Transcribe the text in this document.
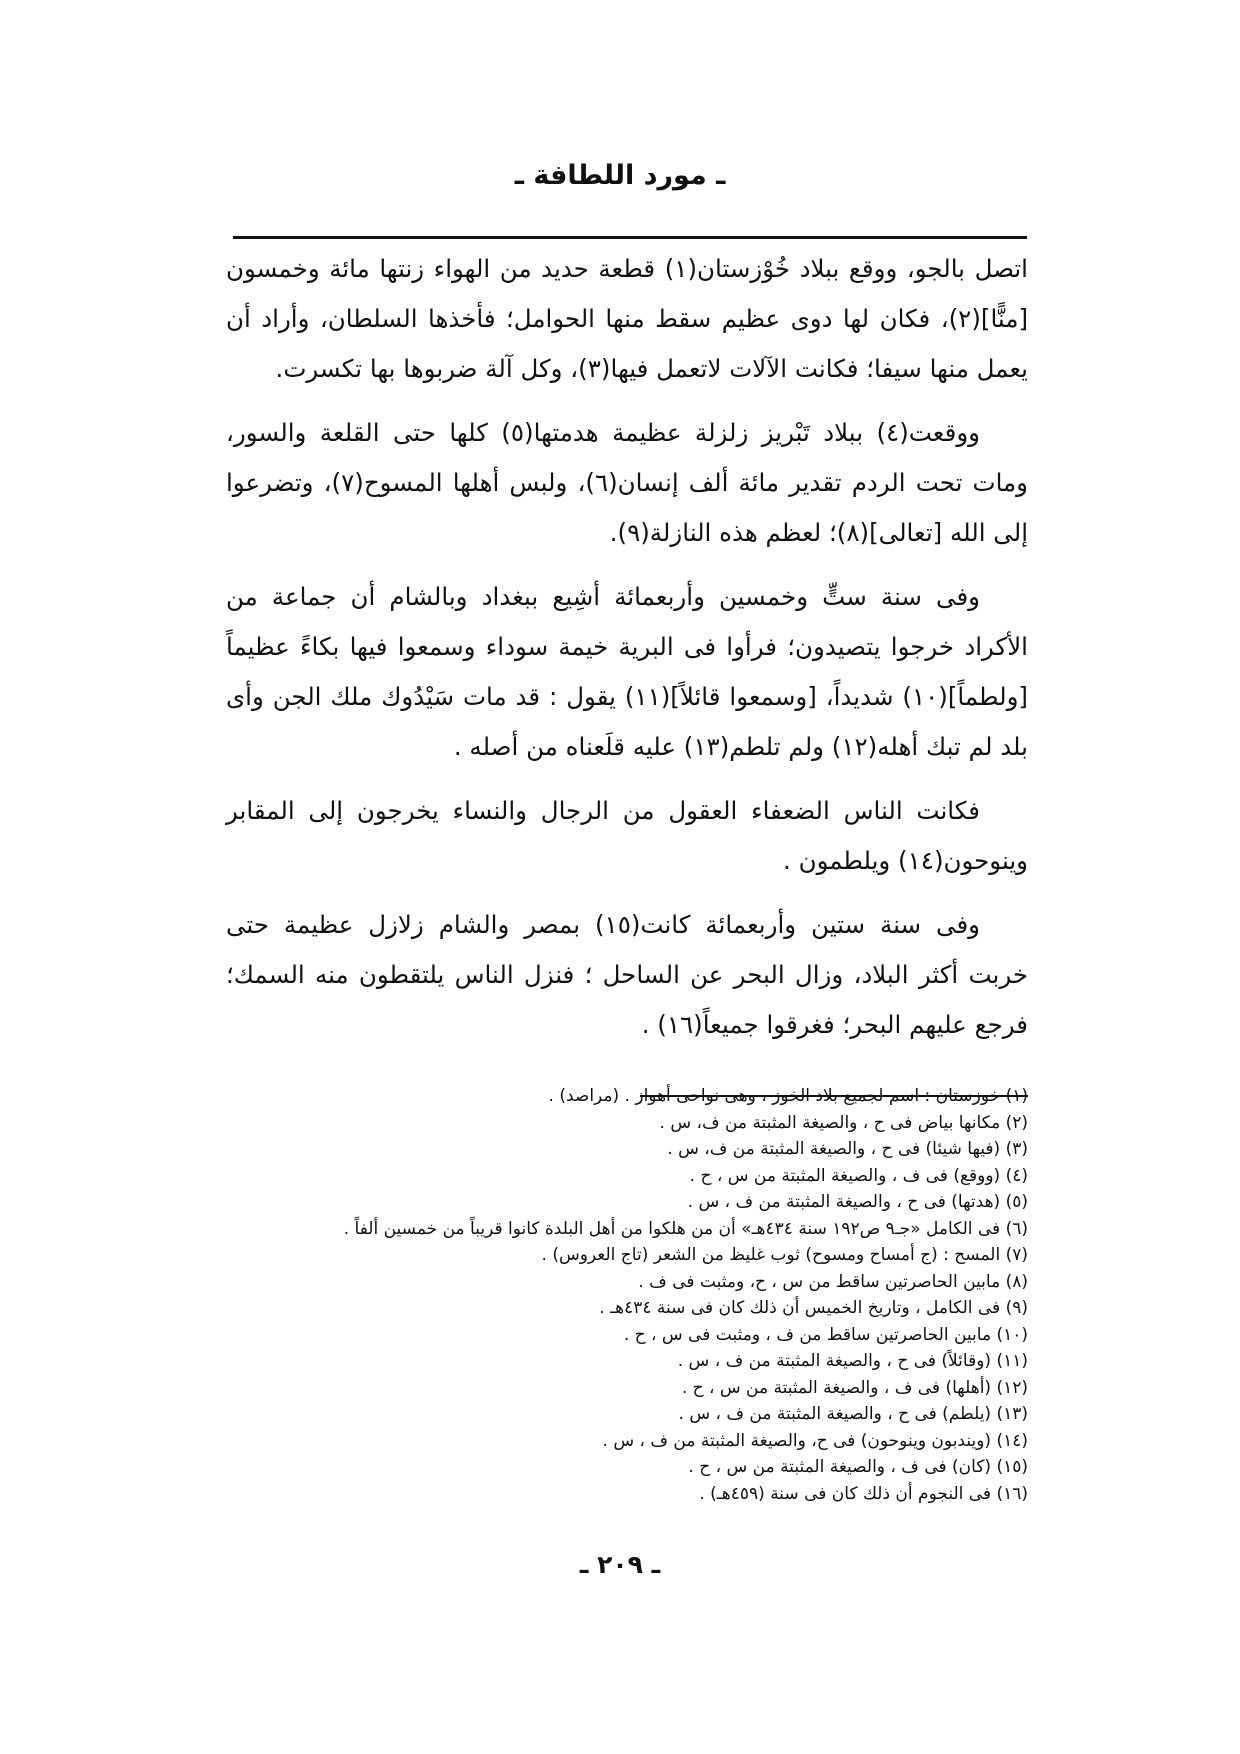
ـ مورد اللطافة ـ

اتصل بالجو، ووقع ببلاد خُوْزستان(١) قطعة حديد من الهواء زنتها مائة وخمسون [منًّا](٢)، فكان لها دوى عظيم سقط منها الحوامل؛ فأخذها السلطان، وأراد أن يعمل منها سيفا؛ فكانت الآلات لاتعمل فيها(٣)، وكل آلة ضربوها بها تكسرت.

ووقعت(٤) ببلاد تَبْريز زلزلة عظيمة هدمتها(٥) كلها حتى القلعة والسور، ومات تحت الردم تقدير مائة ألف إنسان(٦)، ولبس أهلها المسوح(٧)، وتضرعوا إلى الله [تعالى](٨)؛ لعظم هذه النازلة(٩).

وفى سنة ستٍّ وخمسين وأربعمائة أشِيع ببغداد وبالشام أن جماعة من الأكراد خرجوا يتصيدون؛ فرأوا فى البرية خيمة سوداء وسمعوا فيها بكاءً عظيماً [ولطماً](١٠) شديداً، [وسمعوا قائلاً](١١) يقول : قد مات سَيْدُوك ملك الجن وأى بلد لم تبك أهله(١٢) ولم تلطم(١٣) عليه قلَعناه من أصله .

فكانت الناس الضعفاء العقول من الرجال والنساء يخرجون إلى المقابر وينوحون(١٤) ويلطمون .

وفى سنة ستين وأربعمائة كانت(١٥) بمصر والشام زلازل عظيمة حتى خربت أكثر البلاد، وزال البحر عن الساحل ؛ فنزل الناس يلتقطون منه السمك؛ فرجع عليهم البحر؛ فغرقوا جميعاً(١٦) .

(١) خوزستان : اسم لجميع بلاد الخوز ، وهى نواحى أهواز . (مراصد) .
(٢) مكانها بياض فى ح ، والصيغة المثبتة من ف، س .
(٣) (فيها شيئا) فى ح ، والصيغة المثبتة من ف، س .
(٤) (ووقع) فى ف ، والصيغة المثبتة من س ، ح .
(٥) (هدتها) فى ح ، والصيغة المثبتة من ف ، س .
(٦) فى الكامل «جـ٩ ص١٩٢ سنة ٤٣٤هـ» أن من هلكوا من أهل البلدة كانوا قريباً من خمسين ألفاً .
(٧) المسح : (ج أمساح ومسوح) ثوب غليظ من الشعر (تاج العروس) .
(٨) مابين الحاصرتين ساقط من س ، ح، ومثبت فى ف .
(٩) فى الكامل ، وتاريخ الخميس أن ذلك كان فى سنة ٤٣٤هـ .
(١٠) مابين الحاصرتين ساقط من ف ، ومثبت فى س ، ح .
(١١) (وقائلاً) فى ح ، والصيغة المثبتة من ف ، س .
(١٢) (أهلها) فى ف ، والصيغة المثبتة من س ، ح .
(١٣) (يلطم) فى ح ، والصيغة المثبتة من ف ، س .
(١٤) (ويندبون وينوحون) فى ح، والصيغة المثبتة من ف ، س .
(١٥) (كان) فى ف ، والصيغة المثبتة من س ، ح .
(١٦) فى النجوم أن ذلك كان فى سنة (٤٥٩هـ) .
ـ ٢٠٩ ـ
